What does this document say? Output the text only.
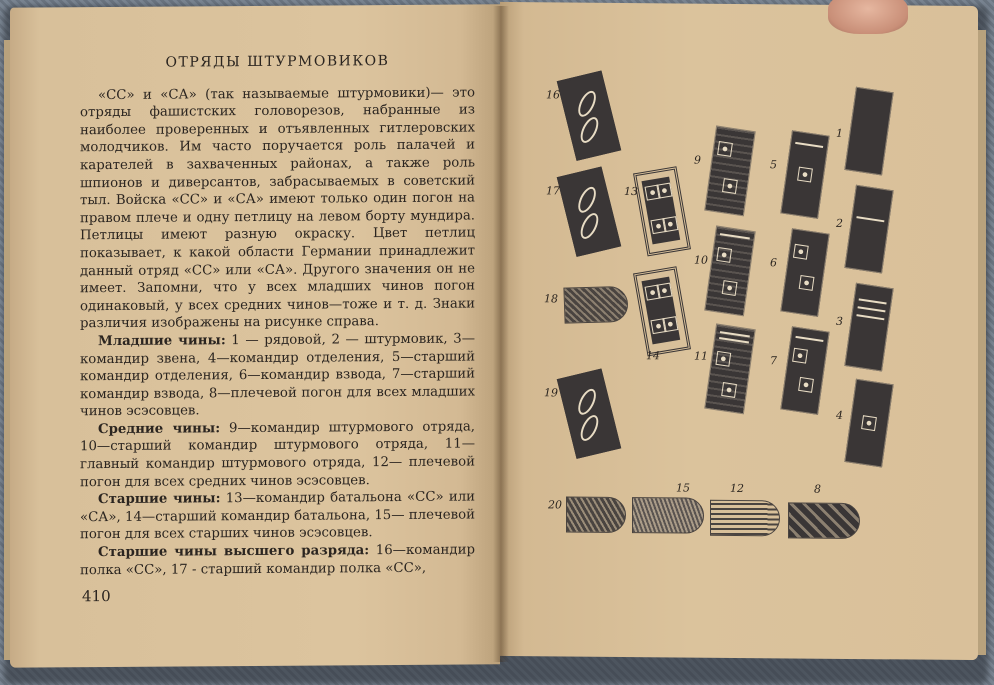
ОТРЯДЫ ШТУРМОВИКОВ

«СС» и «СА» (так называемые штурмовики)— это отряды фашистских головорезов, набранные из наиболее проверенных и отъявленных гитлеровских молодчиков. Им часто поручается роль палачей и карателей в захваченных районах, а также роль шпионов и диверсантов, забрасываемых в советский тыл. Войска «СС» и «СА» имеют только один погон на правом плече и одну петлицу на левом борту мундира. Петлицы имеют разную окраску. Цвет петлиц показывает, к какой области Германии принадлежит данный отряд «СС» или «СА». Другого значения он не имеет. Запомни, что у всех младших чинов погон одинаковый, у всех средних чинов—тоже и т. д. Знаки различия изображены на рисунке справа.

Младшие чины: 1 — рядовой, 2 — штурмовик, 3—командир звена, 4—командир отделения, 5—старший командир отделения, 6—командир взвода, 7—старший командир взвода, 8—плечевой погон для всех младших чинов эсэсовцев.

Средние чины: 9—командир штурмового отряда, 10—старший командир штурмового отряда, 11— главный командир штурмового отряда, 12— плечевой погон для всех средних чинов эсэсовцев.

Старшие чины: 13—командир батальона «СС» или «СА», 14—старший командир батальона, 15— плечевой погон для всех старших чинов эсэсовцев.

Старшие чины высшего разряда: 16—командир полка «СС», 17 - старший командир полка «СС»,

410
1
2
3
4
5
6
7
9
10
11
13
14
16
17
18
19
20
15	12	8
